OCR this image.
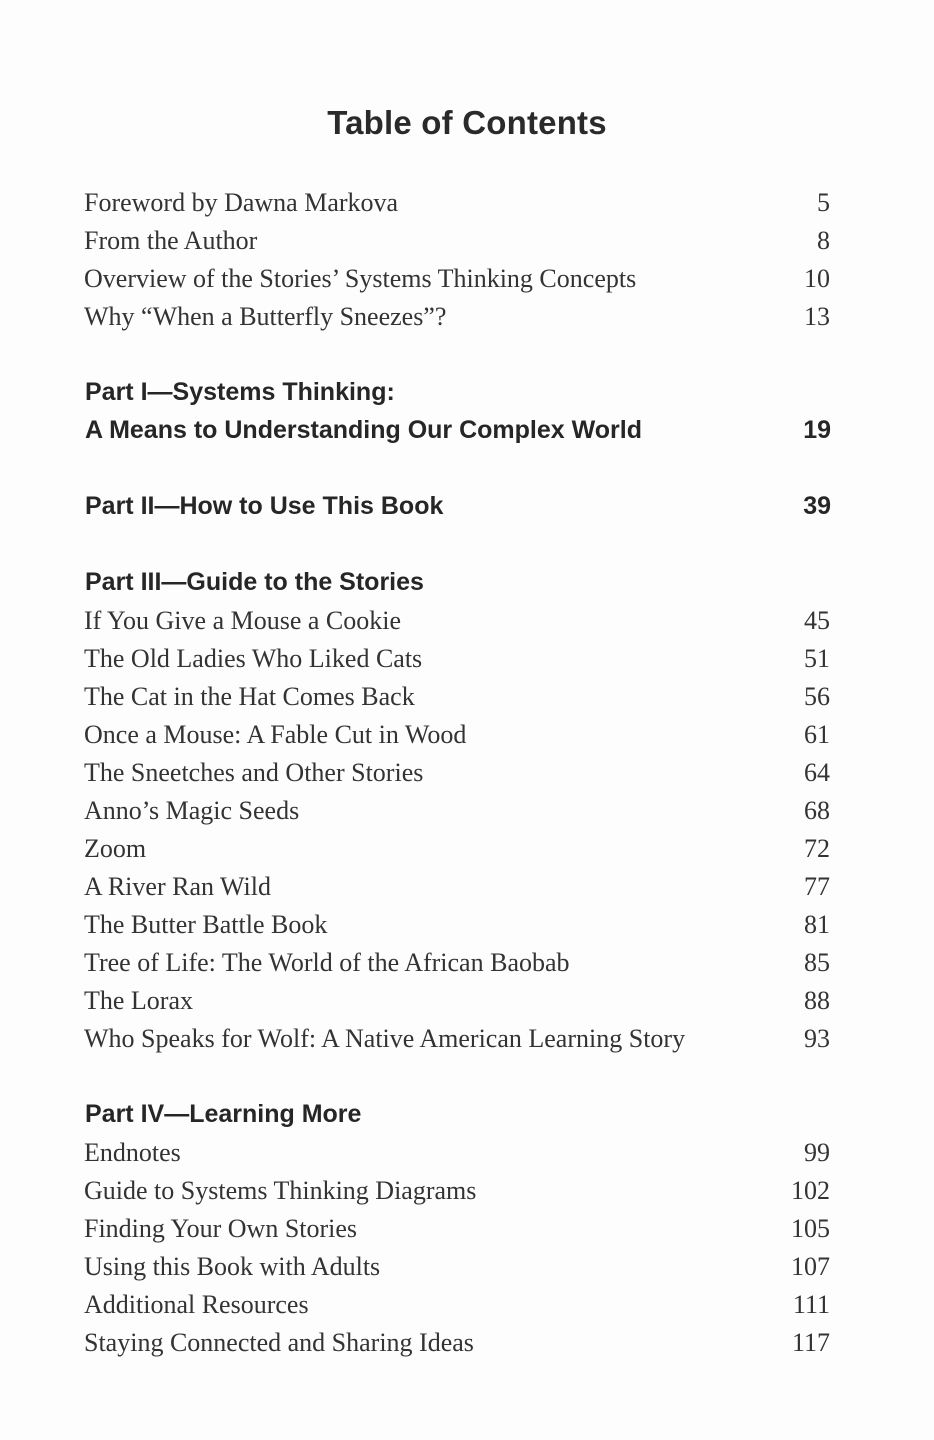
Table of Contents
Foreword by Dawna Markova	5
From the Author	8
Overview of the Stories’ Systems Thinking Concepts	10
Why “When a Butterfly Sneezes”?	13
Part I—Systems Thinking:
A Means to Understanding Our Complex World	19
Part II—How to Use This Book	39
Part III—Guide to the Stories
If You Give a Mouse a Cookie	45
The Old Ladies Who Liked Cats	51
The Cat in the Hat Comes Back	56
Once a Mouse: A Fable Cut in Wood	61
The Sneetches and Other Stories	64
Anno’s Magic Seeds	68
Zoom	72
A River Ran Wild	77
The Butter Battle Book	81
Tree of Life: The World of the African Baobab	85
The Lorax	88
Who Speaks for Wolf: A Native American Learning Story	93
Part IV—Learning More
Endnotes	99
Guide to Systems Thinking Diagrams	102
Finding Your Own Stories	105
Using this Book with Adults	107
Additional Resources	111
Staying Connected and Sharing Ideas	117
